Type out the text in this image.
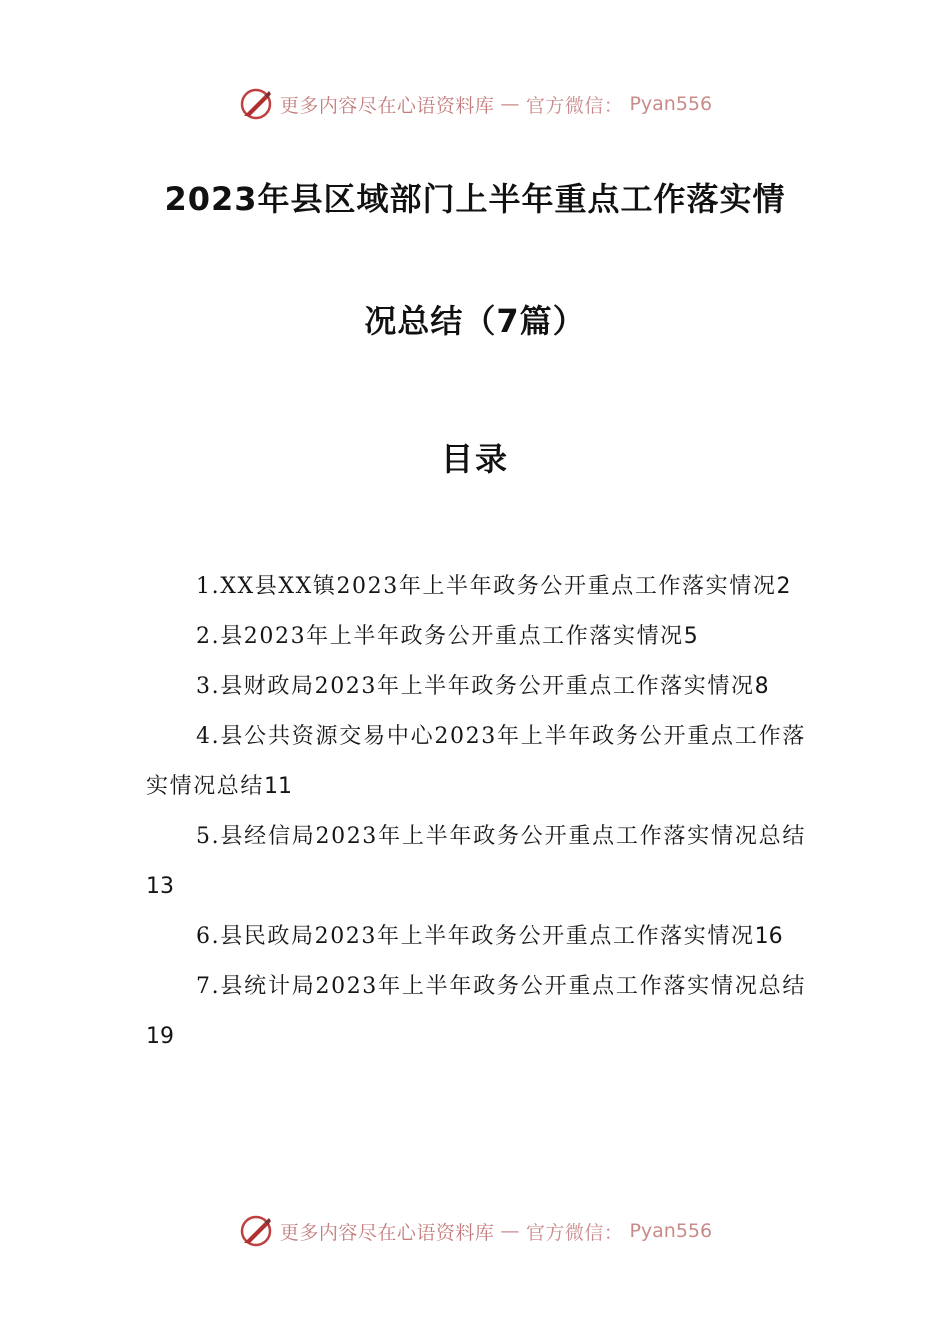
更多内容尽在心语资料库 — 官方微信： Pyan556
2023年县区域部门上半年重点工作落实情
况总结（7篇）
目录
1.XX县XX镇2023年上半年政务公开重点工作落实情况2
2.县2023年上半年政务公开重点工作落实情况5
3.县财政局2023年上半年政务公开重点工作落实情况8
4.县公共资源交易中心2023年上半年政务公开重点工作落实情况总结11
5.县经信局2023年上半年政务公开重点工作落实情况总结13
6.县民政局2023年上半年政务公开重点工作落实情况16
7.县统计局2023年上半年政务公开重点工作落实情况总结19
更多内容尽在心语资料库 — 官方微信： Pyan556
